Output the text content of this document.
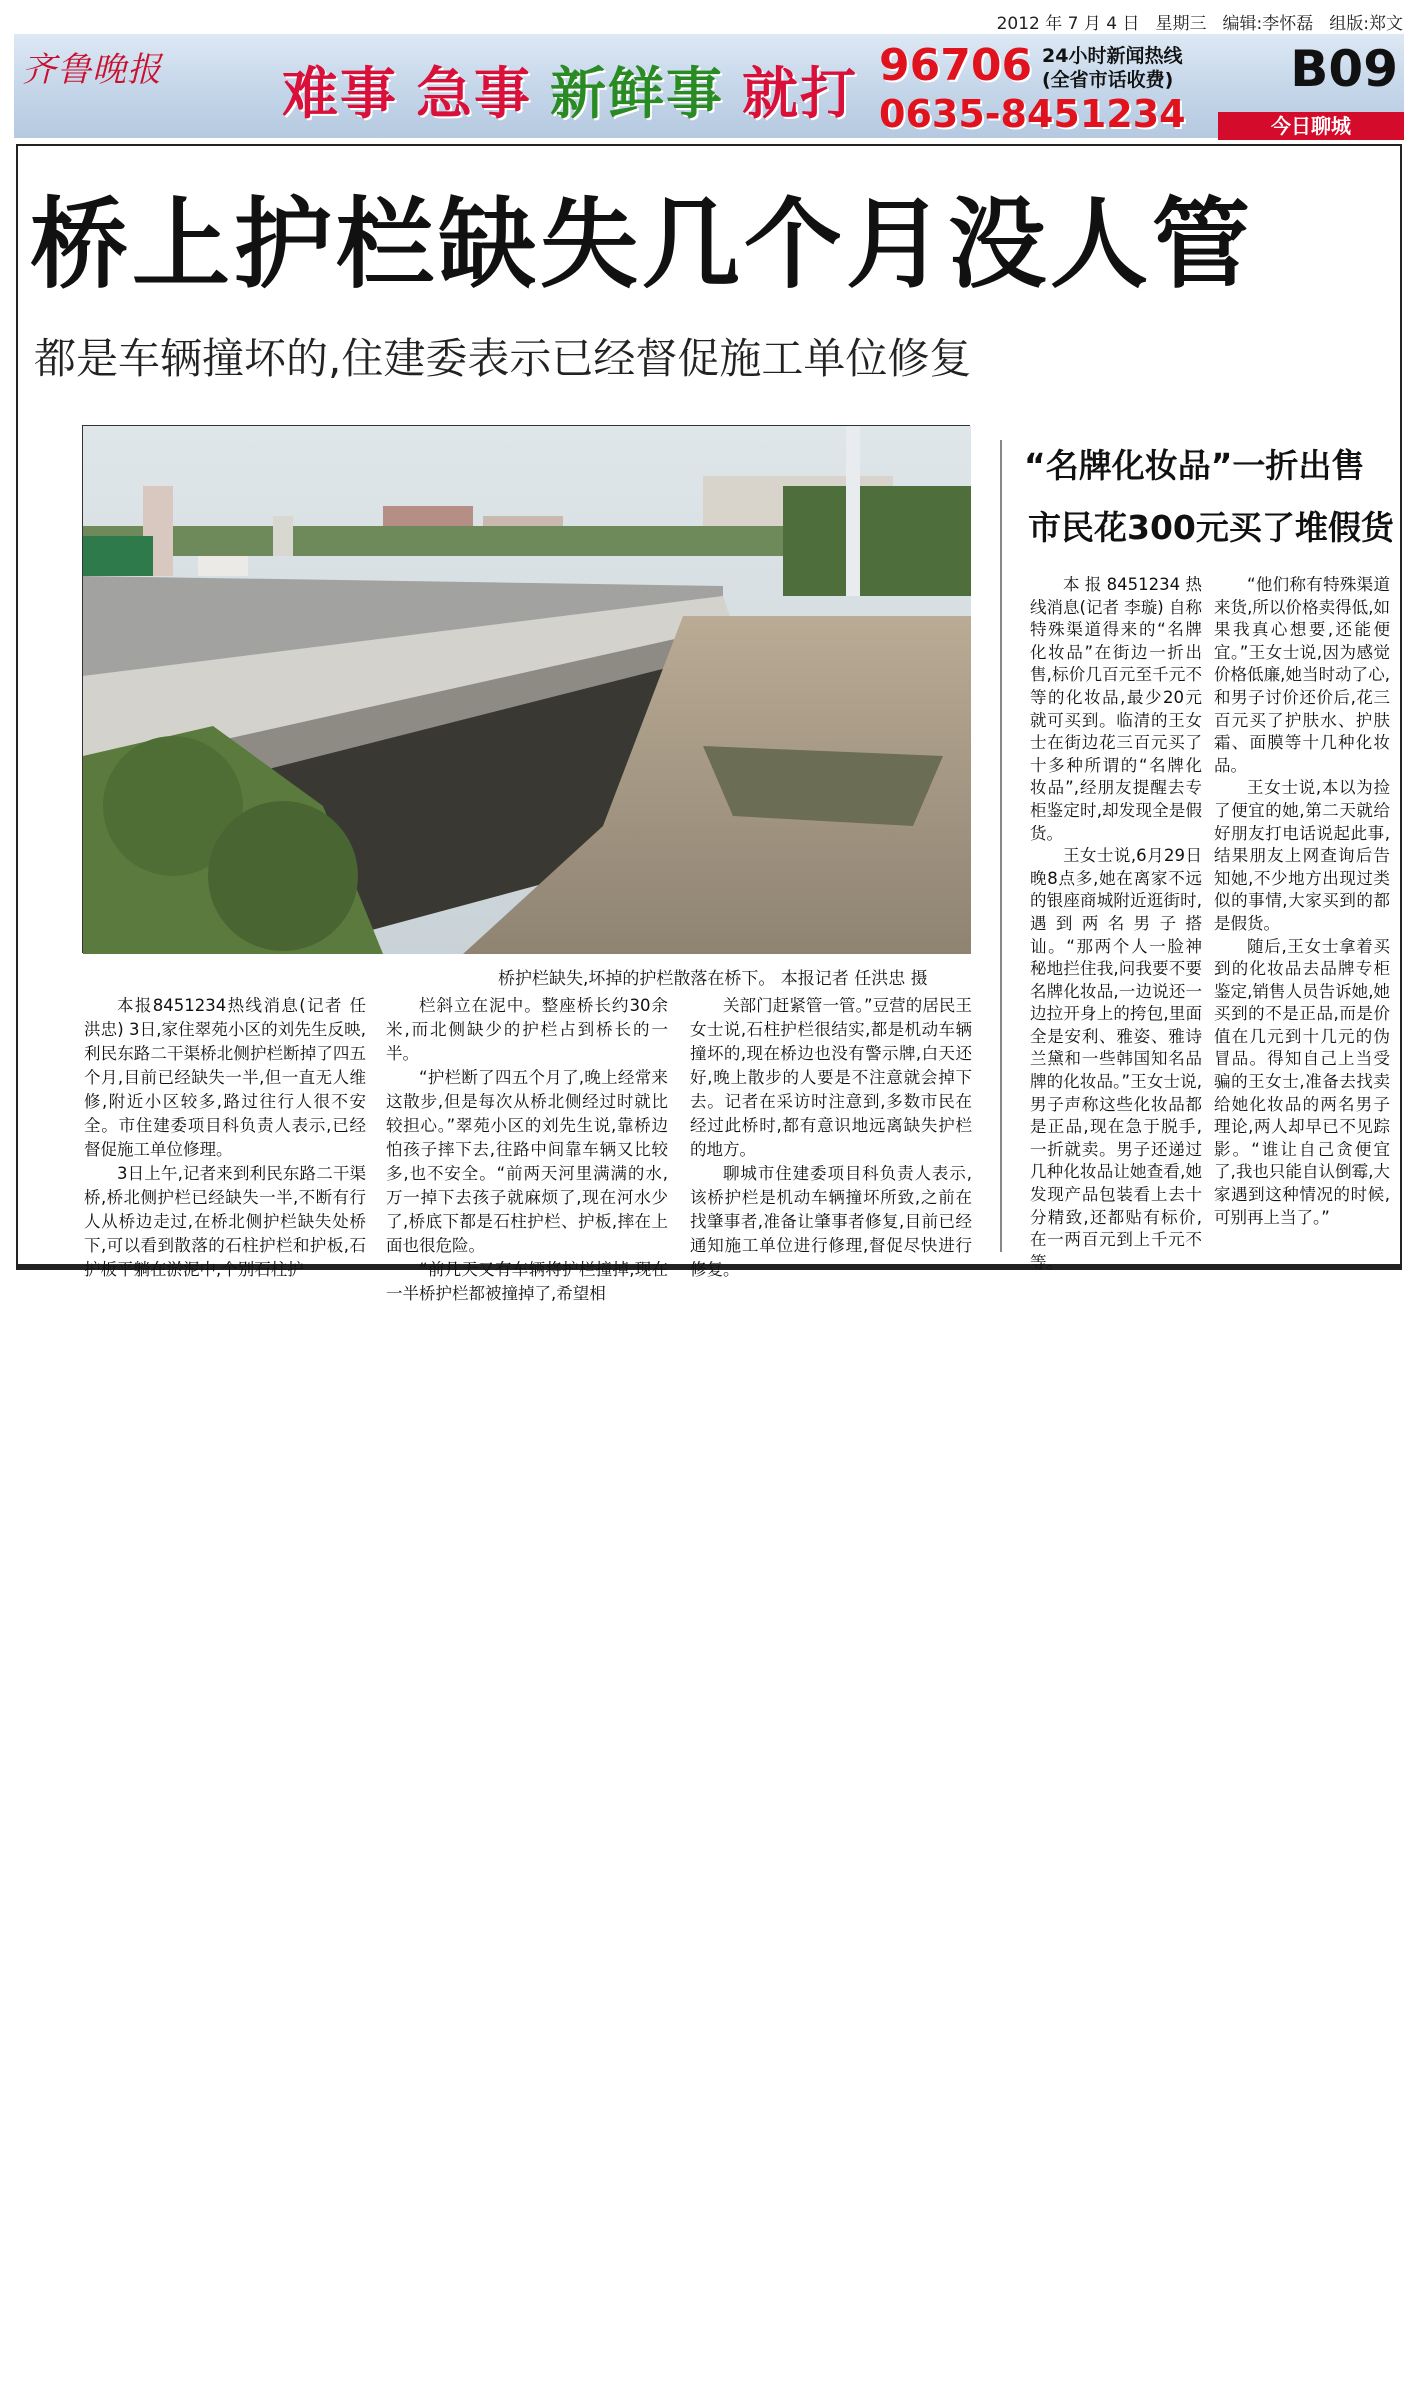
2012 年 7 月 4 日 星期三 编辑:李怀磊 组版:郑文
齐鲁晚报 难事 急事 新鲜事 就打 96706 24小时新闻热线
(全省市话收费)
0635-8451234
B09
今日聊城
桥上护栏缺失几个月没人管
都是车辆撞坏的,住建委表示已经督促施工单位修复
桥护栏缺失,坏掉的护栏散落在桥下。 本报记者 任洪忠 摄

本报8451234热线消息(记者 任洪忠) 3日,家住翠苑小区的刘先生反映,利民东路二干渠桥北侧护栏断掉了四五个月,目前已经缺失一半,但一直无人维修,附近小区较多,路过往行人很不安全。市住建委项目科负责人表示,已经督促施工单位修理。

3日上午,记者来到利民东路二干渠桥,桥北侧护栏已经缺失一半,不断有行人从桥边走过,在桥北侧护栏缺失处桥下,可以看到散落的石柱护栏和护板,石护板平躺在淤泥中,个别石柱护

栏斜立在泥中。整座桥长约30余米,而北侧缺少的护栏占到桥长的一半。

“护栏断了四五个月了,晚上经常来这散步,但是每次从桥北侧经过时就比较担心。”翠苑小区的刘先生说,靠桥边怕孩子摔下去,往路中间靠车辆又比较多,也不安全。“前两天河里满满的水,万一掉下去孩子就麻烦了,现在河水少了,桥底下都是石柱护栏、护板,摔在上面也很危险。

“前几天又有车辆将护栏撞掉,现在一半桥护栏都被撞掉了,希望相

关部门赶紧管一管。”豆营的居民王女士说,石柱护栏很结实,都是机动车辆撞坏的,现在桥边也没有警示牌,白天还好,晚上散步的人要是不注意就会掉下去。记者在采访时注意到,多数市民在经过此桥时,都有意识地远离缺失护栏的地方。

聊城市住建委项目科负责人表示,该桥护栏是机动车辆撞坏所致,之前在找肇事者,准备让肇事者修复,目前已经通知施工单位进行修理,督促尽快进行修复。

“名牌化妆品”一折出售
市民花300元买了堆假货

本报8451234热线消息(记者 李璇) 自称特殊渠道得来的“名牌化妆品”在街边一折出售,标价几百元至千元不等的化妆品,最少20元就可买到。临清的王女士在街边花三百元买了十多种所谓的“名牌化妆品”,经朋友提醒去专柜鉴定时,却发现全是假货。

王女士说,6月29日晚8点多,她在离家不远的银座商城附近逛街时,遇到两名男子搭讪。“那两个人一脸神秘地拦住我,问我要不要名牌化妆品,一边说还一边拉开身上的挎包,里面全是安利、雅姿、雅诗兰黛和一些韩国知名品牌的化妆品。”王女士说,男子声称这些化妆品都是正品,现在急于脱手,一折就卖。男子还递过几种化妆品让她查看,她发现产品包装看上去十分精致,还都贴有标价,在一两百元到上千元不等。

“他们称有特殊渠道来货,所以价格卖得低,如果我真心想要,还能便宜。”王女士说,因为感觉价格低廉,她当时动了心,和男子讨价还价后,花三百元买了护肤水、护肤霜、面膜等十几种化妆品。

王女士说,本以为捡了便宜的她,第二天就给好朋友打电话说起此事,结果朋友上网查询后告知她,不少地方出现过类似的事情,大家买到的都是假货。

随后,王女士拿着买到的化妆品去品牌专柜鉴定,销售人员告诉她,她买到的不是正品,而是价值在几元到十几元的伪冒品。得知自己上当受骗的王女士,准备去找卖给她化妆品的两名男子理论,两人却早已不见踪影。“谁让自己贪便宜了,我也只能自认倒霉,大家遇到这种情况的时候,可别再上当了。”
